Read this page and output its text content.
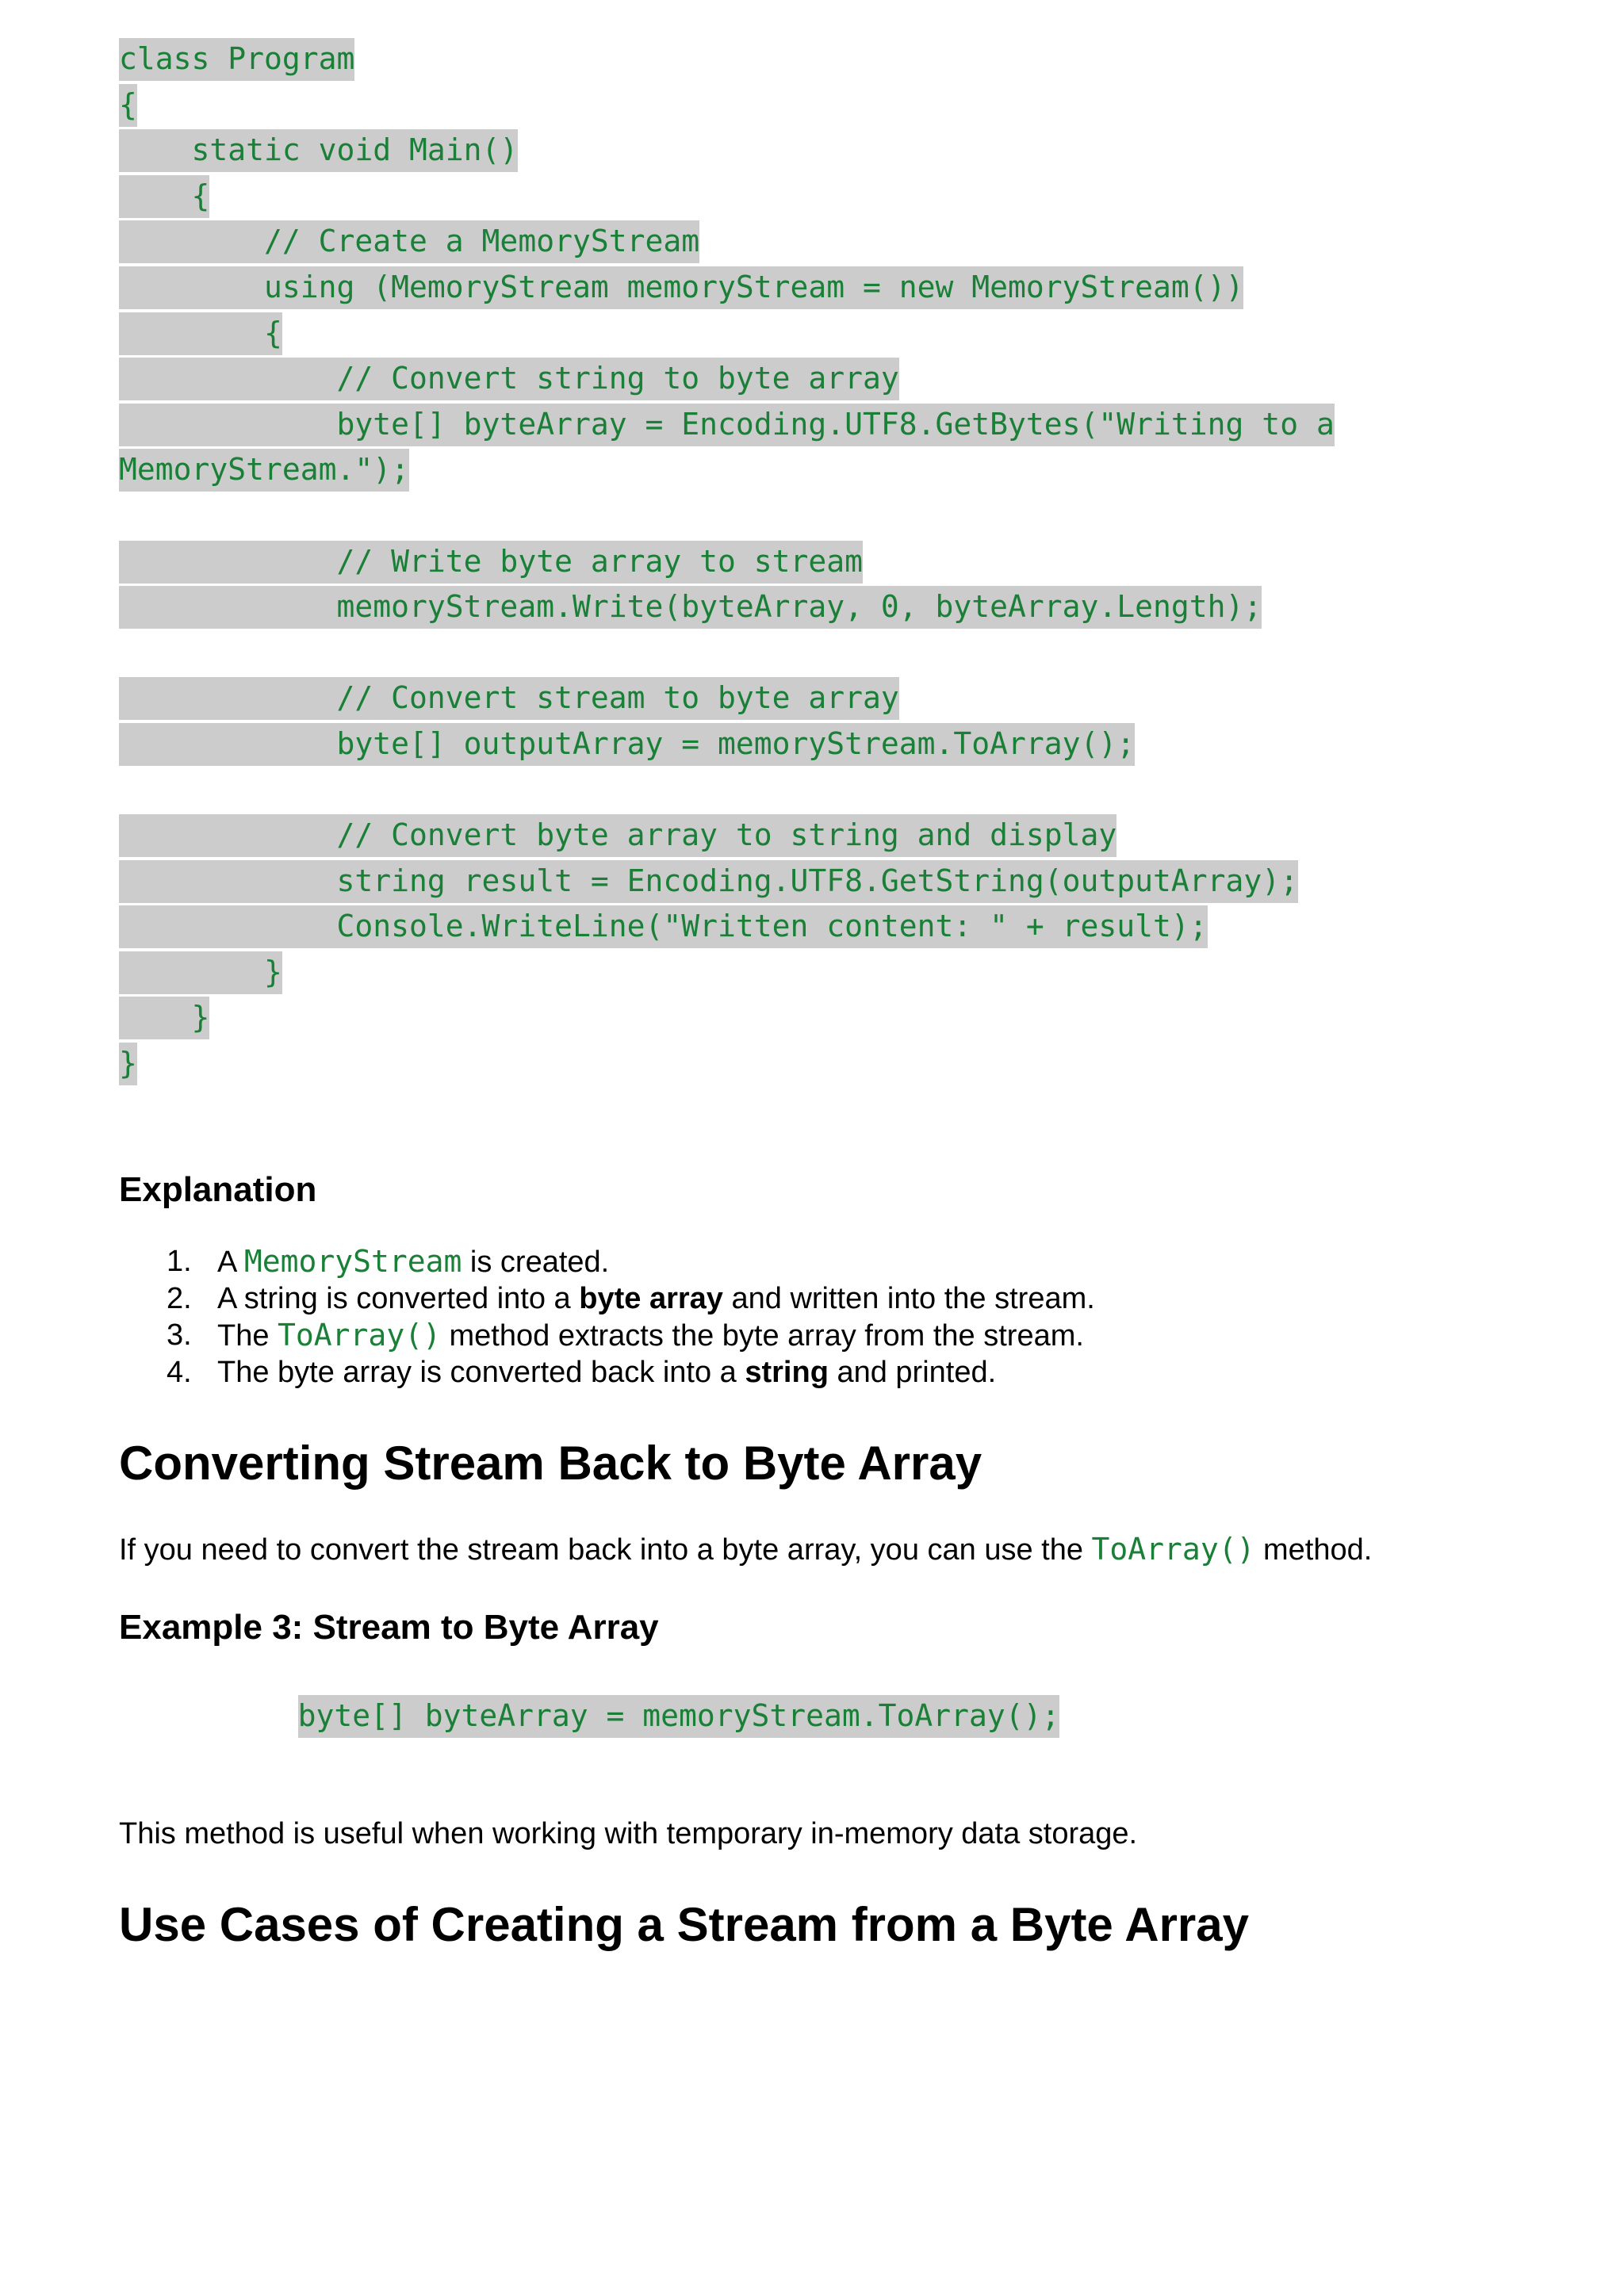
class Program
{
static void Main()
{
// Create a MemoryStream
using (MemoryStream memoryStream = new MemoryStream())
{
// Convert string to byte array
byte[] byteArray = Encoding.UTF8.GetBytes("Writing to a
MemoryStream.");
// Write byte array to stream
memoryStream.Write(byteArray, 0, byteArray.Length);
// Convert stream to byte array
byte[] outputArray = memoryStream.ToArray();
// Convert byte array to string and display
string result = Encoding.UTF8.GetString(outputArray);
Console.WriteLine("Written content: " + result);
}
}
}
Explanation
1. A MemoryStream is created.
2. A string is converted into a byte array and written into the stream.
3. The ToArray() method extracts the byte array from the stream.
4. The byte array is converted back into a string and printed.
Converting Stream Back to Byte Array

If you need to convert the stream back into a byte array, you can use the ToArray() method.

Example 3: Stream to Byte Array
byte[] byteArray = memoryStream.ToArray();

This method is useful when working with temporary in-memory data storage.

Use Cases of Creating a Stream from a Byte Array
